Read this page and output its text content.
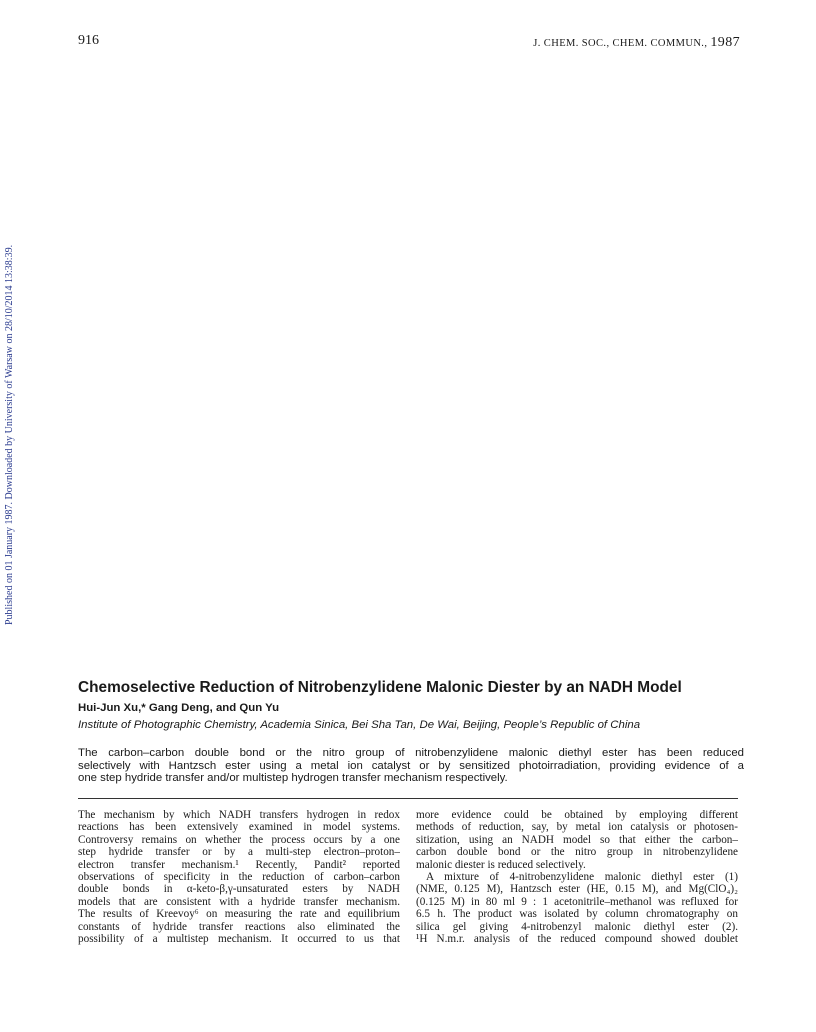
916	J. CHEM. SOC., CHEM. COMMUN., 1987
Published on 01 January 1987. Downloaded by University of Warsaw on 28/10/2014 13:38:39.
Chemoselective Reduction of Nitrobenzylidene Malonic Diester by an NADH Model
Hui-Jun Xu,* Gang Deng, and Qun Yu
Institute of Photographic Chemistry, Academia Sinica, Bei Sha Tan, De Wai, Beijing, People’s Republic of China
The carbon–carbon double bond or the nitro group of nitrobenzylidene malonic diethyl ester has been reduced
selectively with Hantzsch ester using a metal ion catalyst or by sensitized photoirradiation, providing evidence of a
one step hydride transfer and/or multistep hydrogen transfer mechanism respectively.
The mechanism by which NADH transfers hydrogen in redox
reactions has been extensively examined in model systems.
Controversy remains on whether the process occurs by a one
step hydride transfer or by a multi-step electron–proton–
electron transfer mechanism.¹ Recently, Pandit² reported
observations of specificity in the reduction of carbon–carbon
double bonds in α-keto-β,γ-unsaturated esters by NADH
models that are consistent with a hydride transfer mechanism.
The results of Kreevoy⁶ on measuring the rate and equilibrium
constants of hydride transfer reactions also eliminated the
possibility of a multistep mechanism. It occurred to us that
more evidence could be obtained by employing different
methods of reduction, say, by metal ion catalysis or photosen-
sitization, using an NADH model so that either the carbon–
carbon double bond or the nitro group in nitrobenzylidene
malonic diester is reduced selectively.
A mixture of 4-nitrobenzylidene malonic diethyl ester (1)
(NME, 0.125 M), Hantzsch ester (HE, 0.15 M), and Mg(ClO₄)₂
(0.125 M) in 80 ml 9 : 1 acetonitrile–methanol was refluxed for
6.5 h. The product was isolated by column chromatography on
silica gel giving 4-nitrobenzyl malonic diethyl ester (2).
¹H N.m.r. analysis of the reduced compound showed doublet
